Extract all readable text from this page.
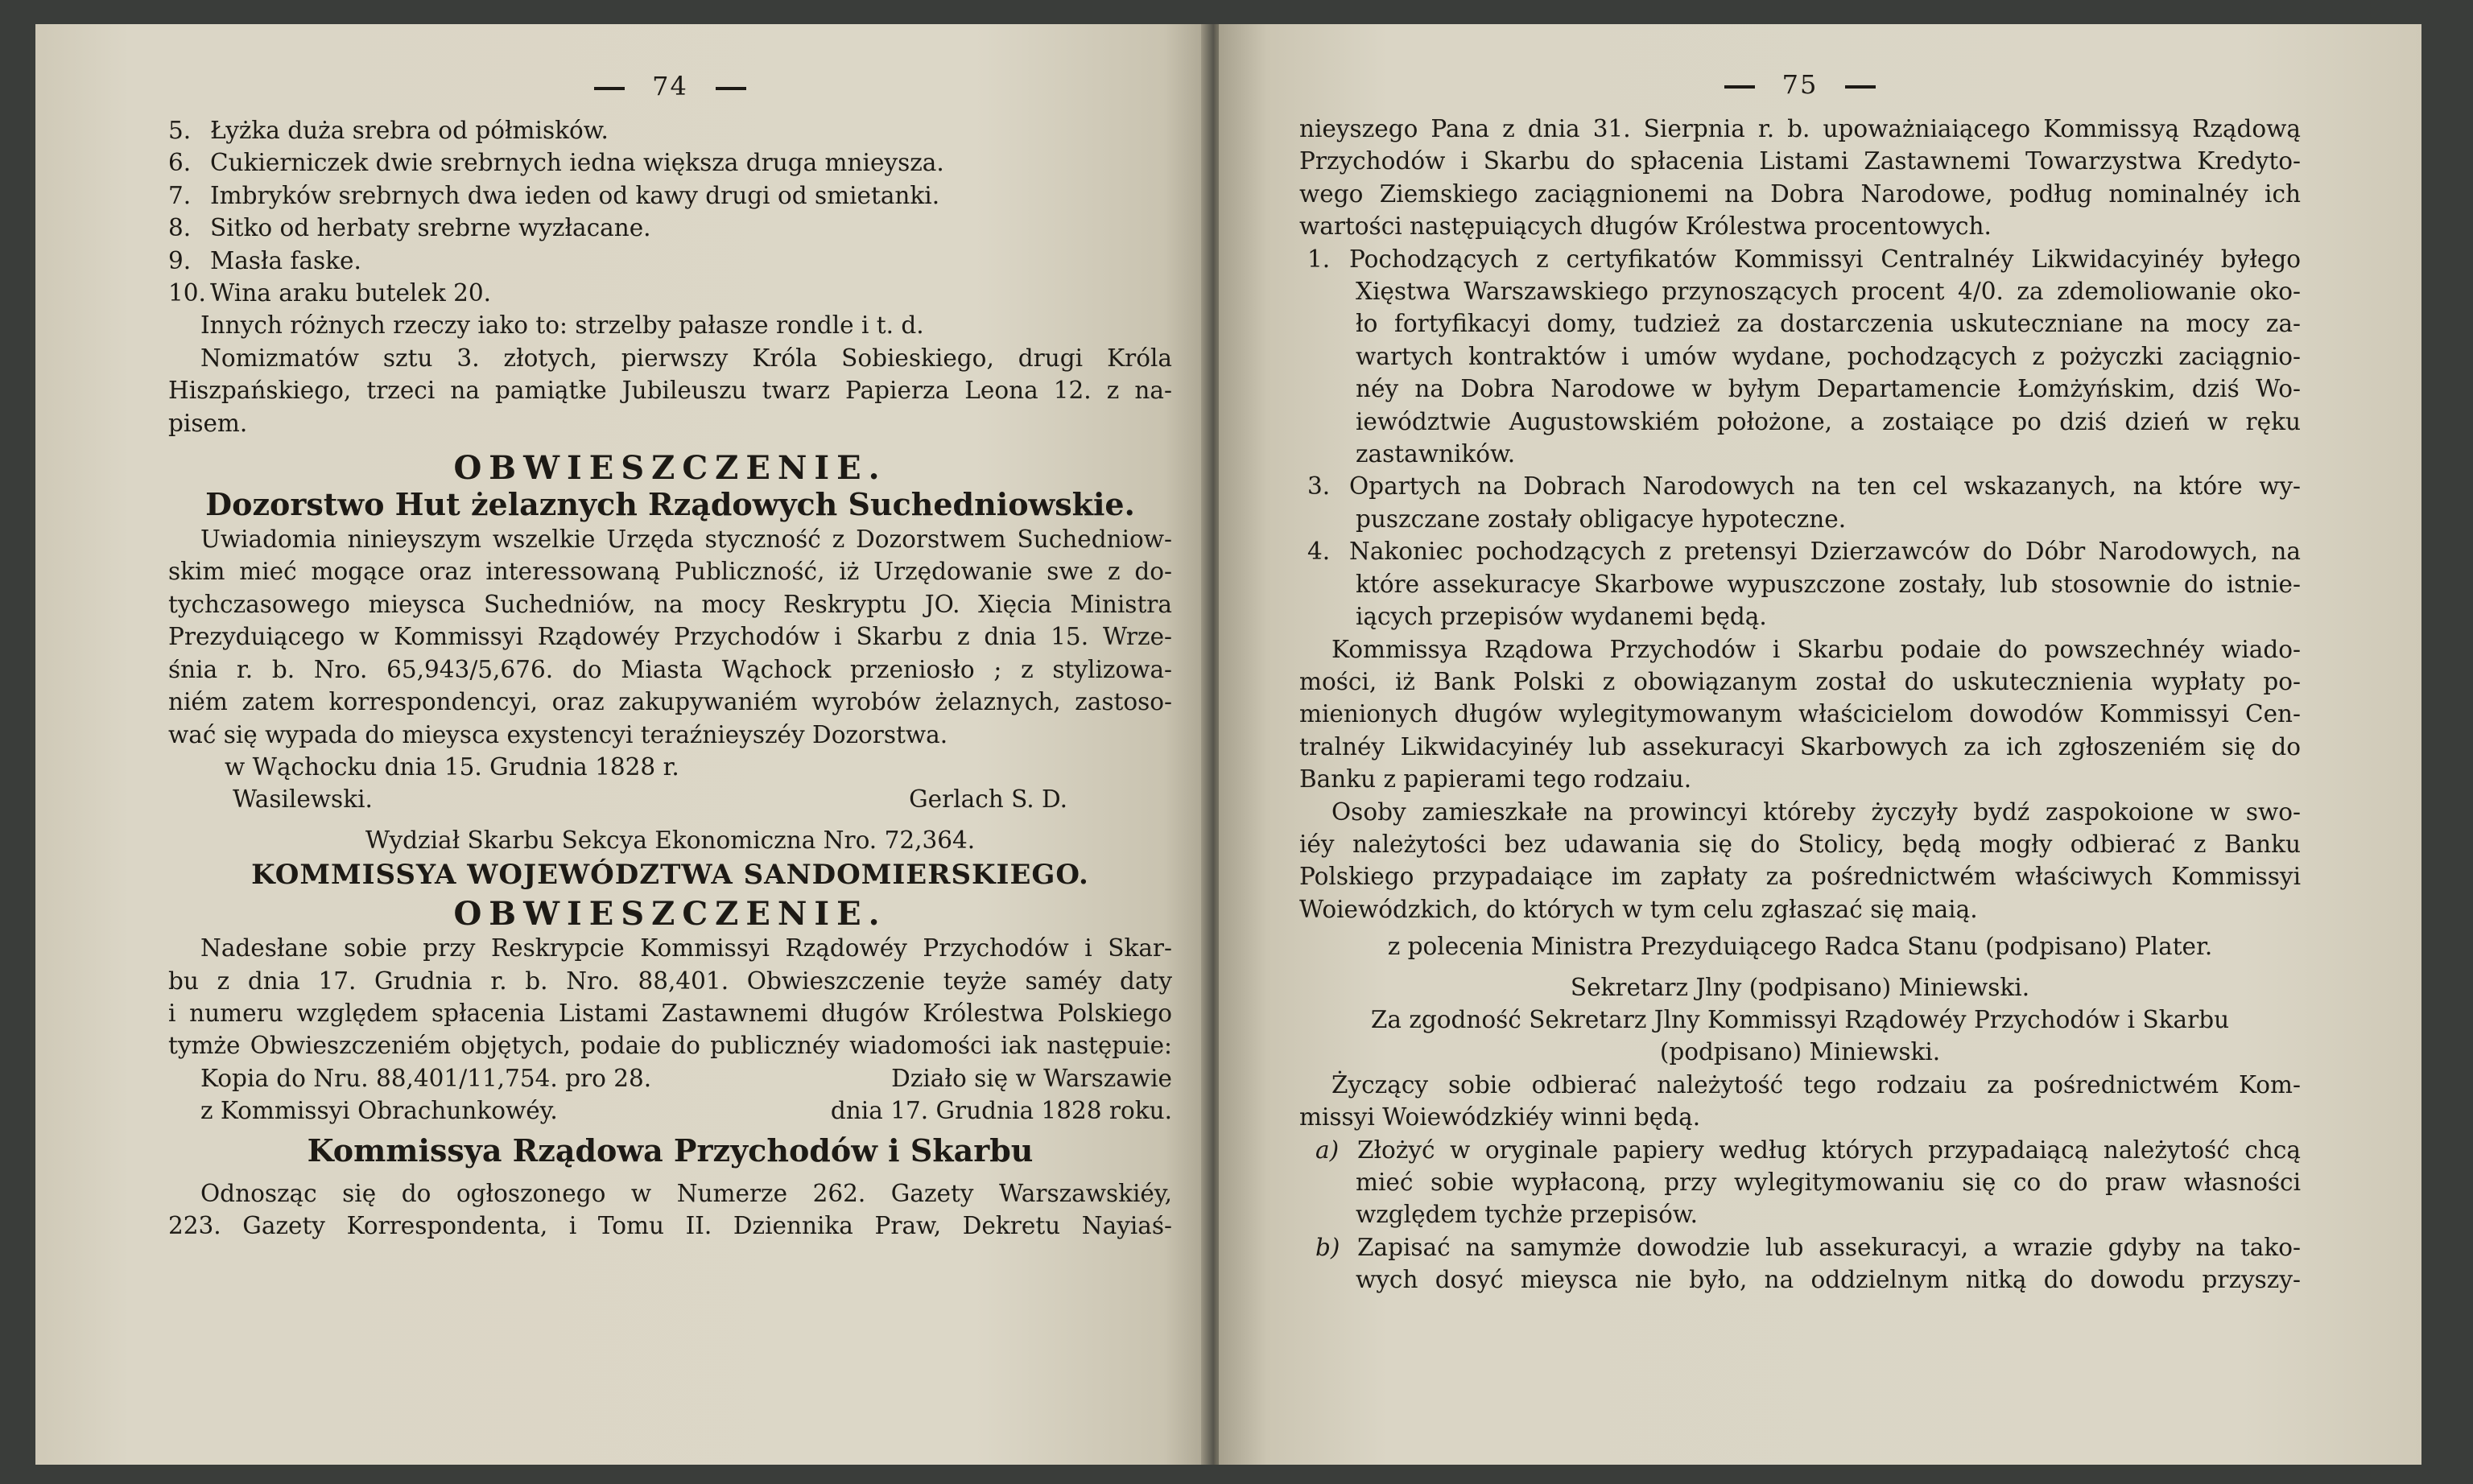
74
5. Łyżka duża srebra od półmisków.
6. Cukierniczek dwie srebrnych iedna większa druga mnieysza.
7. Imbryków srebrnych dwa ieden od kawy drugi od smietanki.
8. Sitko od herbaty srebrne wyzłacane.
9. Masła faske.
10. Wina araku butelek 20.
Innych różnych rzeczy iako to: strzelby pałasze rondle i t. d.
Nomizmatów sztu 3. złotych, pierwszy Króla Sobieskiego, drugi Króla
Hiszpańskiego, trzeci na pamiątke Jubileuszu twarz Papierza Leona 12. z na-
pisem.
OBWIESZCZENIE.
Dozorstwo Hut żelaznych Rządowych Suchedniowskie.
Uwiadomia ninieyszym wszelkie Urzęda styczność z Dozorstwem Suchedniow-
skim mieć mogące oraz interessowaną Publiczność, iż Urzędowanie swe z do-
tychczasowego mieysca Suchedniów, na mocy Reskryptu JO. Xięcia Ministra
Prezyduiącego w Kommissyi Rządowéy Przychodów i Skarbu z dnia 15. Wrze-
śnia r. b. Nro. 65,943/5,676. do Miasta Wąchock przeniosło ; z stylizowa-
niém zatem korrespondencyi, oraz zakupywaniém wyrobów żelaznych, zastoso-
wać się wypada do mieysca exystencyi teraźnieyszéy Dozorstwa.
w Wąchocku dnia 15. Grudnia 1828 r.
Wasilewski.	Gerlach S. D.
Wydział Skarbu Sekcya Ekonomiczna Nro. 72,364.
KOMMISSYA WOJEWÓDZTWA SANDOMIERSKIEGO.
OBWIESZCZENIE.
Nadesłane sobie przy Reskrypcie Kommissyi Rządowéy Przychodów i Skar-
bu z dnia 17. Grudnia r. b. Nro. 88,401. Obwieszczenie teyże saméy daty
i numeru względem spłacenia Listami Zastawnemi długów Królestwa Polskiego
tymże Obwieszczeniém objętych, podaie do publicznéy wiadomości iak następuie:
Kopia do Nru. 88,401/11,754. pro 28.	Działo się w Warszawie
z Kommissyi Obrachunkowéy.	dnia 17. Grudnia 1828 roku.
Kommissya Rządowa Przychodów i Skarbu
Odnosząc się do ogłoszonego w Numerze 262. Gazety Warszawskiéy,
223. Gazety Korrespondenta, i Tomu II. Dziennika Praw, Dekretu Nayiaś-
75
nieyszego Pana z dnia 31. Sierpnia r. b. upoważniaiącego Kommissyą Rządową
Przychodów i Skarbu do spłacenia Listami Zastawnemi Towarzystwa Kredyto-
wego Ziemskiego zaciągnionemi na Dobra Narodowe, podług nominalnéy ich
wartości następuiących długów Królestwa procentowych.
1. Pochodzących z certyfikatów Kommissyi Centralnéy Likwidacyinéy byłego
Xięstwa Warszawskiego przynoszących procent 4/0. za zdemoliowanie oko-
ło fortyfikacyi domy, tudzież za dostarczenia uskuteczniane na mocy za-
wartych kontraktów i umów wydane, pochodzących z pożyczki zaciągnio-
néy na Dobra Narodowe w byłym Departamencie Łomżyńskim, dziś Wo-
iewództwie Augustowskiém położone, a zostaiące po dziś dzień w ręku
zastawników.
3. Opartych na Dobrach Narodowych na ten cel wskazanych, na które wy-
puszczane zostały obligacye hypoteczne.
4. Nakoniec pochodzących z pretensyi Dzierzawców do Dóbr Narodowych, na
które assekuracye Skarbowe wypuszczone zostały, lub stosownie do istnie-
iących przepisów wydanemi będą.
Kommissya Rządowa Przychodów i Skarbu podaie do powszechnéy wiado-
mości, iż Bank Polski z obowiązanym został do uskutecznienia wypłaty po-
mienionych długów wylegitymowanym właścicielom dowodów Kommissyi Cen-
tralnéy Likwidacyinéy lub assekuracyi Skarbowych za ich zgłoszeniém się do
Banku z papierami tego rodzaiu.
Osoby zamieszkałe na prowincyi któreby życzyły bydź zaspokoione w swo-
iéy należytości bez udawania się do Stolicy, będą mogły odbierać z Banku
Polskiego przypadaiące im zapłaty za pośrednictwém właściwych Kommissyi
Woiewódzkich, do których w tym celu zgłaszać się maią.
z polecenia Ministra Prezyduiącego Radca Stanu (podpisano) Plater.
Sekretarz Jlny (podpisano) Miniewski.
Za zgodność Sekretarz Jlny Kommissyi Rządowéy Przychodów i Skarbu
(podpisano) Miniewski.
Życzący sobie odbierać należytość tego rodzaiu za pośrednictwém Kom-
missyi Woiewódzkiéy winni będą.
a) Złożyć w oryginale papiery według których przypadaiącą należytość chcą
mieć sobie wypłaconą, przy wylegitymowaniu się co do praw własności
względem tychże przepisów.
b) Zapisać na samymże dowodzie lub assekuracyi, a wrazie gdyby na tako-
wych dosyć mieysca nie było, na oddzielnym nitką do dowodu przyszy-
